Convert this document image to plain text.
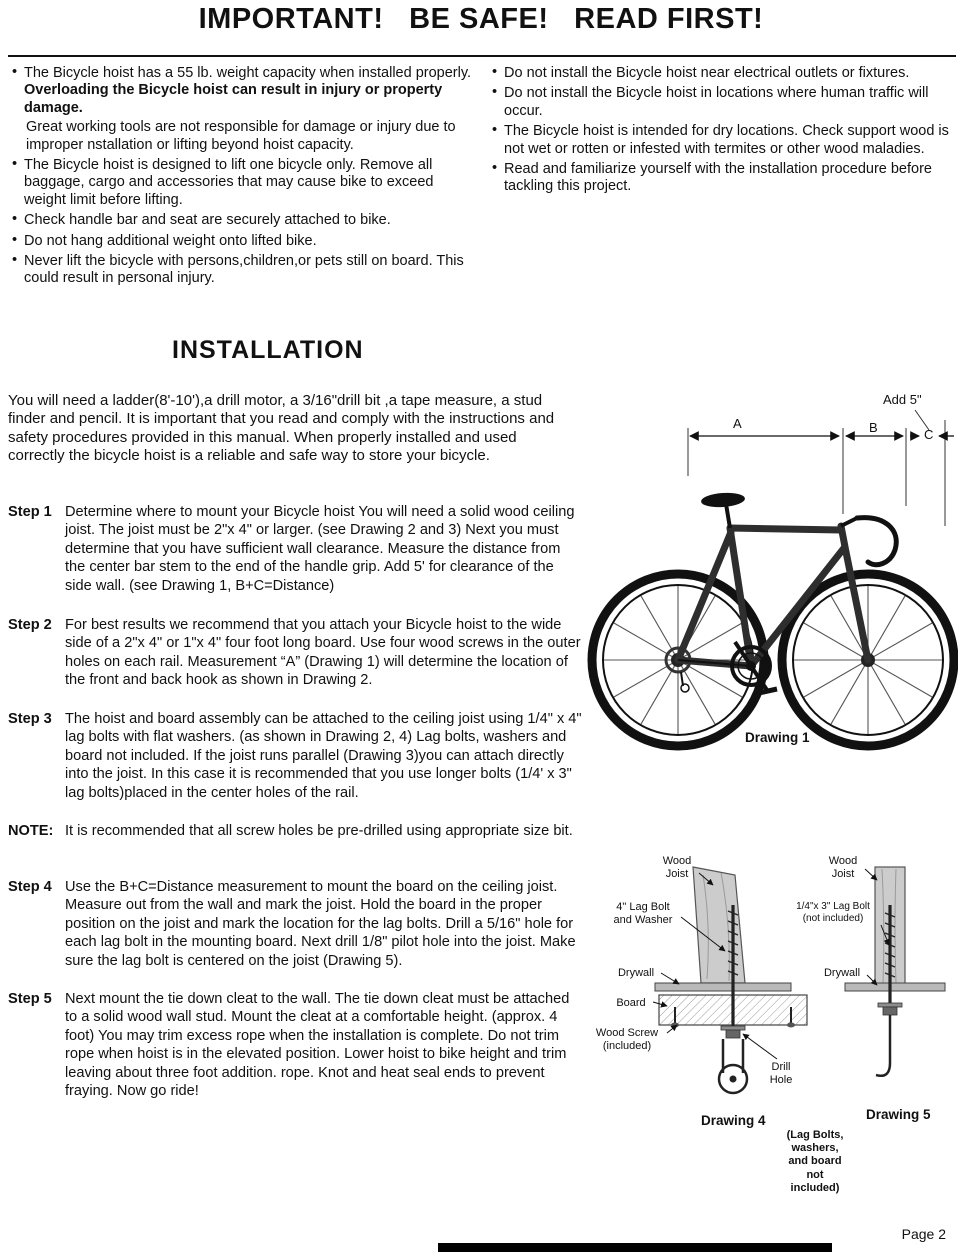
IMPORTANT!   BE SAFE!   READ FIRST!
• The Bicycle hoist has a 55 lb. weight capacity when installed properly. Overloading the Bicycle hoist can result in injury or property damage.
Great working tools are not responsible for damage or injury due to improper nstallation or lifting beyond hoist capacity.
• The Bicycle hoist is designed to lift one bicycle only. Remove all baggage, cargo and accessories that may cause bike to exceed weight limit before lifting.
• Check handle bar and seat are securely attached to bike.
• Do not hang additional weight onto lifted bike.
• Never lift the bicycle with persons,children,or pets still on board. This could result in personal injury.
• Do not install the Bicycle hoist near electrical outlets or fixtures.
• Do not install the Bicycle hoist in locations where human traffic will occur.
• The Bicycle hoist is intended for dry locations. Check support wood is not wet or rotten or infested with termites or other wood maladies.
• Read and familiarize yourself with the installation procedure before tackling this project.
INSTALLATION

You will need a ladder(8'-10'),a drill motor, a 3/16"drill bit ,a tape measure, a stud finder and pencil. It is important that you read and comply with the instructions and safety procedures provided in this manual. When properly installed and used correctly the bicycle hoist is a reliable and safe way to store your bicycle.

Step 1 Determine where to mount your Bicycle hoist You will need a solid wood ceiling joist. The joist must be 2"x 4" or larger. (see Drawing 2 and 3) Next you must determine that you have sufficient wall clearance. Measure the distance from the center bar stem to the end of the handle grip. Add 5' for clearance of the side wall. (see Drawing 1, B+C=Distance)
Step 2 For best results we recommend that you attach your Bicycle hoist to the wide side of a 2"x 4" or 1"x 4" four foot long board. Use four wood screws in the outer holes on each rail. Measurement “A” (Drawing 1) will determine the location of the front and back hook as shown in Drawing 2.
Step 3 The hoist and board assembly can be attached to the ceiling joist using 1/4" x 4" lag bolts with flat washers. (as shown in Drawing 2, 4) Lag bolts, washers and board not included. If the joist runs parallel (Drawing 3)you can attach directly into the joist. In this case it is recommended that you use longer bolts (1/4' x 3" lag bolts)placed in the center holes of the rail.
NOTE: It is recommended that all screw holes be pre-drilled using appropriate size bit.
Step 4 Use the B+C=Distance measurement to mount the board on the ceiling joist. Measure out from the wall and mark the joist. Hold the board in the proper position on the joist and mark the location for the lag bolts. Drill a 5/16" hole for each lag bolt in the mounting board. Next drill 1/8" pilot hole into the joist. Make sure the lag bolt is centered on the joist (Drawing 5).
Step 5 Next mount the tie down cleat to the wall. The tie down cleat must be attached to a solid wood wall stud. Mount the cleat at a comfortable height. (approx. 4 foot) You may trim excess rope when the installation is complete. Do not trim rope when hoist is in the elevated position. Lower hoist to bike height and trim leaving about three foot addition. rope. Knot and heat seal ends to prevent fraying. Now go ride!
Add 5"
A	B	C
Drawing 1
Wood Joist
4" Lag Bolt and Washer
Drywall
Board
Wood Screw (included)
Drill Hole
Wood Joist
1/4"x 3" Lag Bolt (not included)
Drywall
Drawing 4	Drawing 5
(Lag Bolts, washers, and board not included)
Page 2
